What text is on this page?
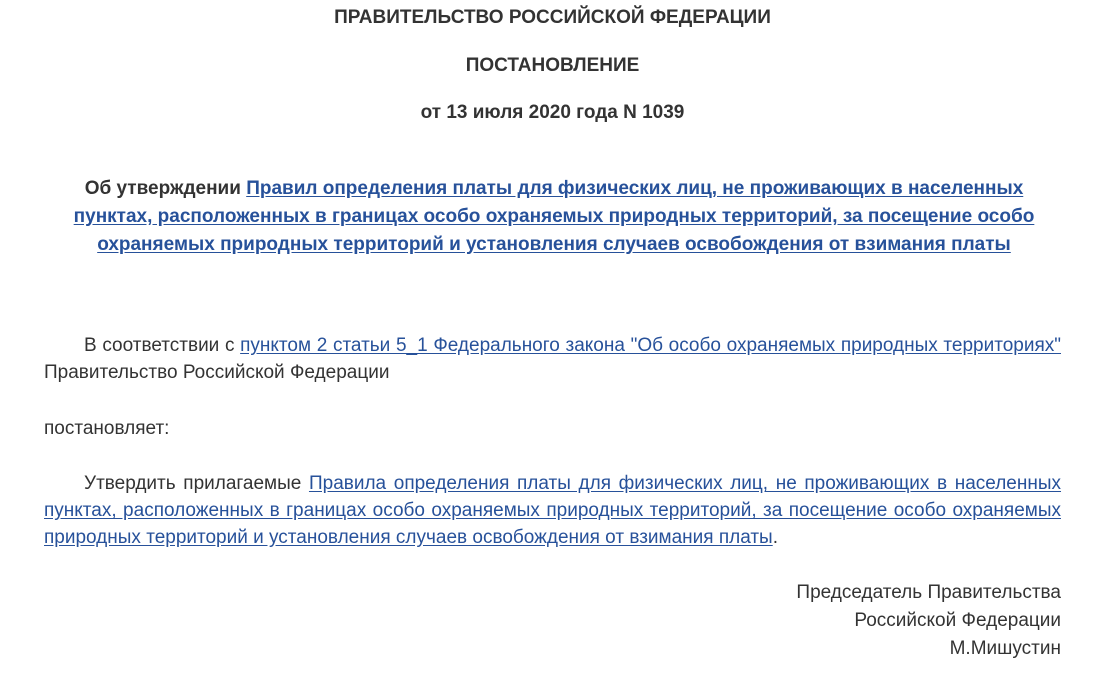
ПРАВИТЕЛЬСТВО РОССИЙСКОЙ ФЕДЕРАЦИИ
ПОСТАНОВЛЕНИЕ
от 13 июля 2020 года N 1039
Об утверждении Правил определения платы для физических лиц, не проживающих в населенных пунктах, расположенных в границах особо охраняемых природных территорий, за посещение особо охраняемых природных территорий и установления случаев освобождения от взимания платы
В соответствии с пунктом 2 статьи 5_1 Федерального закона "Об особо охраняемых природных территориях" Правительство Российской Федерации
постановляет:
Утвердить прилагаемые Правила определения платы для физических лиц, не проживающих в населенных пунктах, расположенных в границах особо охраняемых природных территорий, за посещение особо охраняемых природных территорий и установления случаев освобождения от взимания платы.
Председатель Правительства
Российской Федерации
М.Мишустин
